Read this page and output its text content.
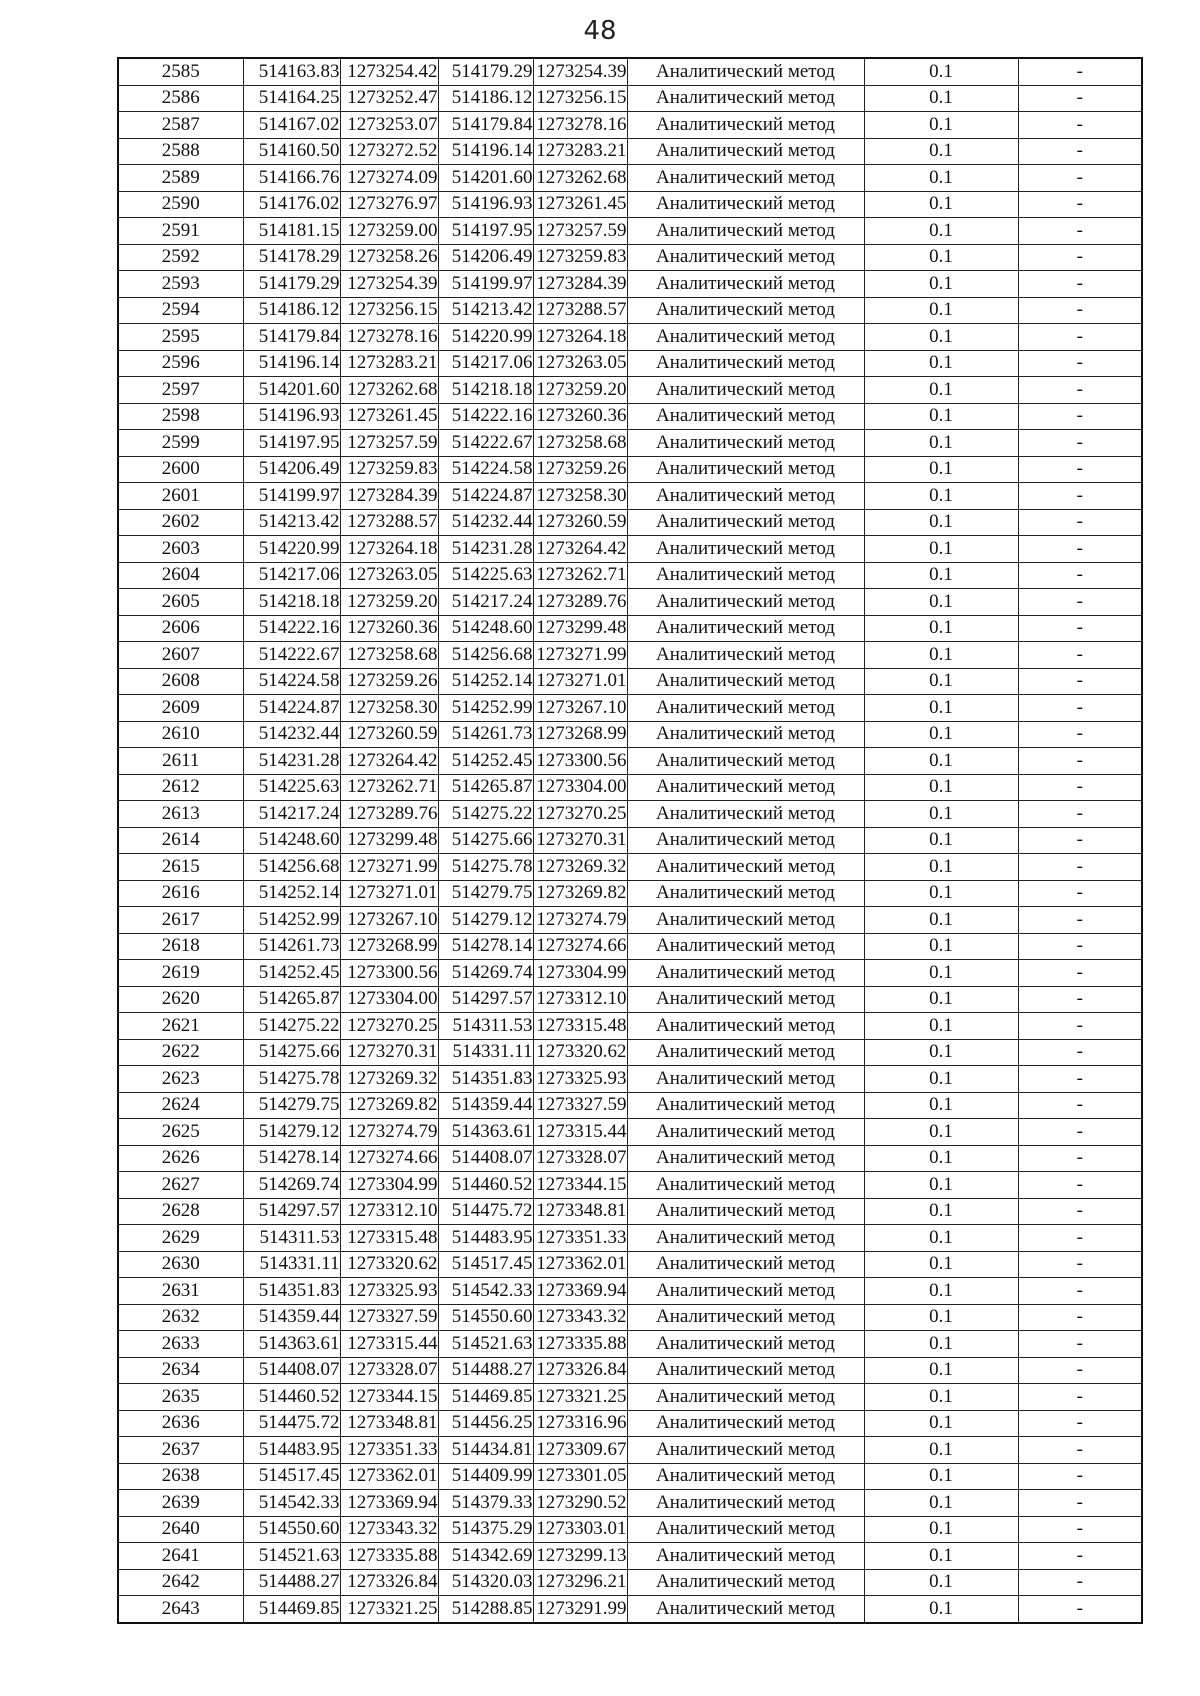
48
2585	514163.83	1273254.42	514179.29	1273254.39	Аналитический метод	0.1	-
2586	514164.25	1273252.47	514186.12	1273256.15	Аналитический метод	0.1	-
2587	514167.02	1273253.07	514179.84	1273278.16	Аналитический метод	0.1	-
2588	514160.50	1273272.52	514196.14	1273283.21	Аналитический метод	0.1	-
2589	514166.76	1273274.09	514201.60	1273262.68	Аналитический метод	0.1	-
2590	514176.02	1273276.97	514196.93	1273261.45	Аналитический метод	0.1	-
2591	514181.15	1273259.00	514197.95	1273257.59	Аналитический метод	0.1	-
2592	514178.29	1273258.26	514206.49	1273259.83	Аналитический метод	0.1	-
2593	514179.29	1273254.39	514199.97	1273284.39	Аналитический метод	0.1	-
2594	514186.12	1273256.15	514213.42	1273288.57	Аналитический метод	0.1	-
2595	514179.84	1273278.16	514220.99	1273264.18	Аналитический метод	0.1	-
2596	514196.14	1273283.21	514217.06	1273263.05	Аналитический метод	0.1	-
2597	514201.60	1273262.68	514218.18	1273259.20	Аналитический метод	0.1	-
2598	514196.93	1273261.45	514222.16	1273260.36	Аналитический метод	0.1	-
2599	514197.95	1273257.59	514222.67	1273258.68	Аналитический метод	0.1	-
2600	514206.49	1273259.83	514224.58	1273259.26	Аналитический метод	0.1	-
2601	514199.97	1273284.39	514224.87	1273258.30	Аналитический метод	0.1	-
2602	514213.42	1273288.57	514232.44	1273260.59	Аналитический метод	0.1	-
2603	514220.99	1273264.18	514231.28	1273264.42	Аналитический метод	0.1	-
2604	514217.06	1273263.05	514225.63	1273262.71	Аналитический метод	0.1	-
2605	514218.18	1273259.20	514217.24	1273289.76	Аналитический метод	0.1	-
2606	514222.16	1273260.36	514248.60	1273299.48	Аналитический метод	0.1	-
2607	514222.67	1273258.68	514256.68	1273271.99	Аналитический метод	0.1	-
2608	514224.58	1273259.26	514252.14	1273271.01	Аналитический метод	0.1	-
2609	514224.87	1273258.30	514252.99	1273267.10	Аналитический метод	0.1	-
2610	514232.44	1273260.59	514261.73	1273268.99	Аналитический метод	0.1	-
2611	514231.28	1273264.42	514252.45	1273300.56	Аналитический метод	0.1	-
2612	514225.63	1273262.71	514265.87	1273304.00	Аналитический метод	0.1	-
2613	514217.24	1273289.76	514275.22	1273270.25	Аналитический метод	0.1	-
2614	514248.60	1273299.48	514275.66	1273270.31	Аналитический метод	0.1	-
2615	514256.68	1273271.99	514275.78	1273269.32	Аналитический метод	0.1	-
2616	514252.14	1273271.01	514279.75	1273269.82	Аналитический метод	0.1	-
2617	514252.99	1273267.10	514279.12	1273274.79	Аналитический метод	0.1	-
2618	514261.73	1273268.99	514278.14	1273274.66	Аналитический метод	0.1	-
2619	514252.45	1273300.56	514269.74	1273304.99	Аналитический метод	0.1	-
2620	514265.87	1273304.00	514297.57	1273312.10	Аналитический метод	0.1	-
2621	514275.22	1273270.25	514311.53	1273315.48	Аналитический метод	0.1	-
2622	514275.66	1273270.31	514331.11	1273320.62	Аналитический метод	0.1	-
2623	514275.78	1273269.32	514351.83	1273325.93	Аналитический метод	0.1	-
2624	514279.75	1273269.82	514359.44	1273327.59	Аналитический метод	0.1	-
2625	514279.12	1273274.79	514363.61	1273315.44	Аналитический метод	0.1	-
2626	514278.14	1273274.66	514408.07	1273328.07	Аналитический метод	0.1	-
2627	514269.74	1273304.99	514460.52	1273344.15	Аналитический метод	0.1	-
2628	514297.57	1273312.10	514475.72	1273348.81	Аналитический метод	0.1	-
2629	514311.53	1273315.48	514483.95	1273351.33	Аналитический метод	0.1	-
2630	514331.11	1273320.62	514517.45	1273362.01	Аналитический метод	0.1	-
2631	514351.83	1273325.93	514542.33	1273369.94	Аналитический метод	0.1	-
2632	514359.44	1273327.59	514550.60	1273343.32	Аналитический метод	0.1	-
2633	514363.61	1273315.44	514521.63	1273335.88	Аналитический метод	0.1	-
2634	514408.07	1273328.07	514488.27	1273326.84	Аналитический метод	0.1	-
2635	514460.52	1273344.15	514469.85	1273321.25	Аналитический метод	0.1	-
2636	514475.72	1273348.81	514456.25	1273316.96	Аналитический метод	0.1	-
2637	514483.95	1273351.33	514434.81	1273309.67	Аналитический метод	0.1	-
2638	514517.45	1273362.01	514409.99	1273301.05	Аналитический метод	0.1	-
2639	514542.33	1273369.94	514379.33	1273290.52	Аналитический метод	0.1	-
2640	514550.60	1273343.32	514375.29	1273303.01	Аналитический метод	0.1	-
2641	514521.63	1273335.88	514342.69	1273299.13	Аналитический метод	0.1	-
2642	514488.27	1273326.84	514320.03	1273296.21	Аналитический метод	0.1	-
2643	514469.85	1273321.25	514288.85	1273291.99	Аналитический метод	0.1	-
